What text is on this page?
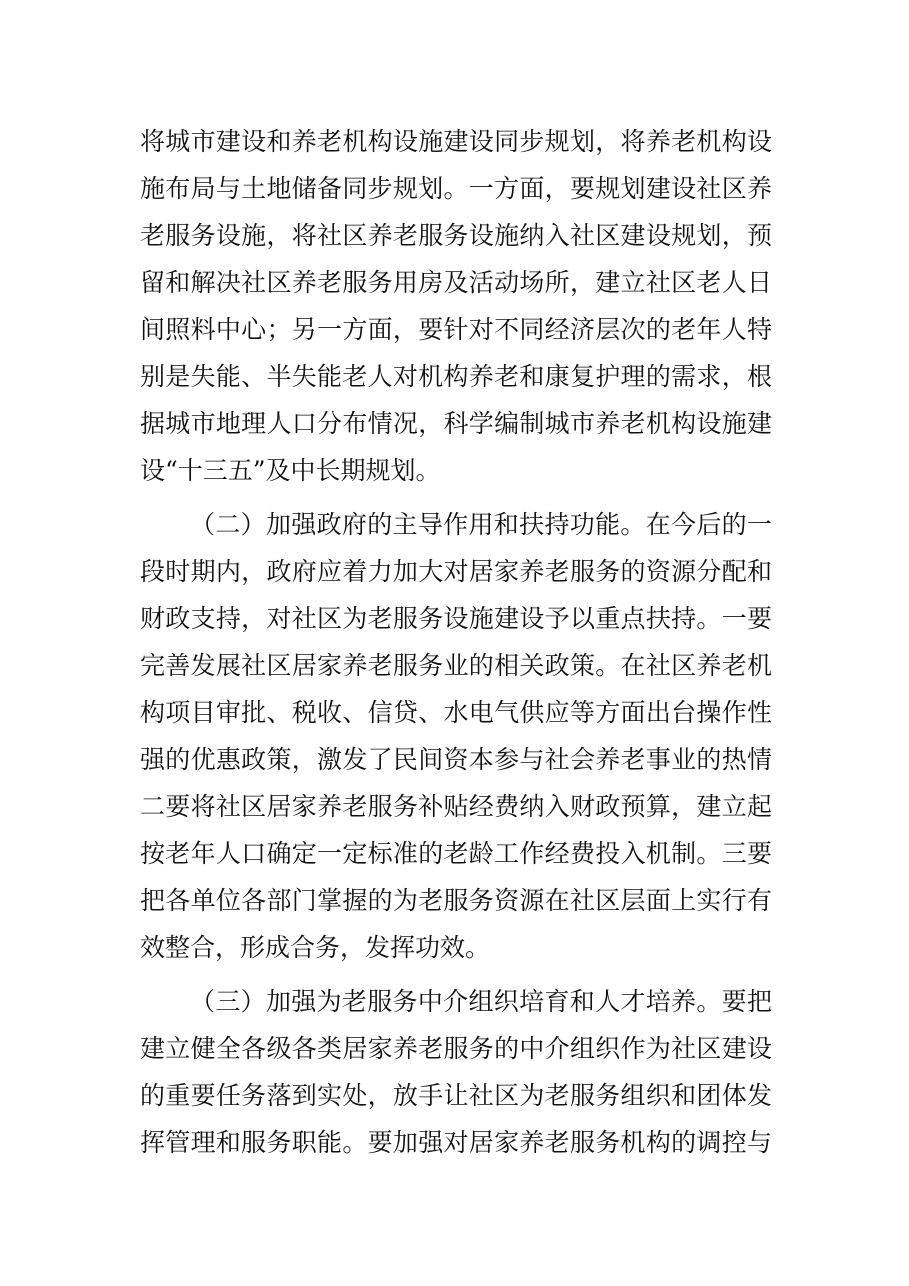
将城市建设和养老机构设施建设同步规划，将养老机构设
施布局与土地储备同步规划。一方面，要规划建设社区养
老服务设施，将社区养老服务设施纳入社区建设规划，预
留和解决社区养老服务用房及活动场所，建立社区老人日
间照料中心；另一方面，要针对不同经济层次的老年人特
别是失能、半失能老人对机构养老和康复护理的需求，根
据城市地理人口分布情况，科学编制城市养老机构设施建
设“十三五”及中长期规划。
（二）加强政府的主导作用和扶持功能。在今后的一
段时期内，政府应着力加大对居家养老服务的资源分配和
财政支持，对社区为老服务设施建设予以重点扶持。一要
完善发展社区居家养老服务业的相关政策。在社区养老机
构项目审批、税收、信贷、水电气供应等方面出台操作性
强的优惠政策，激发了民间资本参与社会养老事业的热情
二要将社区居家养老服务补贴经费纳入财政预算，建立起
按老年人口确定一定标准的老龄工作经费投入机制。三要
把各单位各部门掌握的为老服务资源在社区层面上实行有
效整合，形成合务，发挥功效。
（三）加强为老服务中介组织培育和人才培养。要把
建立健全各级各类居家养老服务的中介组织作为社区建设
的重要任务落到实处，放手让社区为老服务组织和团体发
挥管理和服务职能。要加强对居家养老服务机构的调控与
